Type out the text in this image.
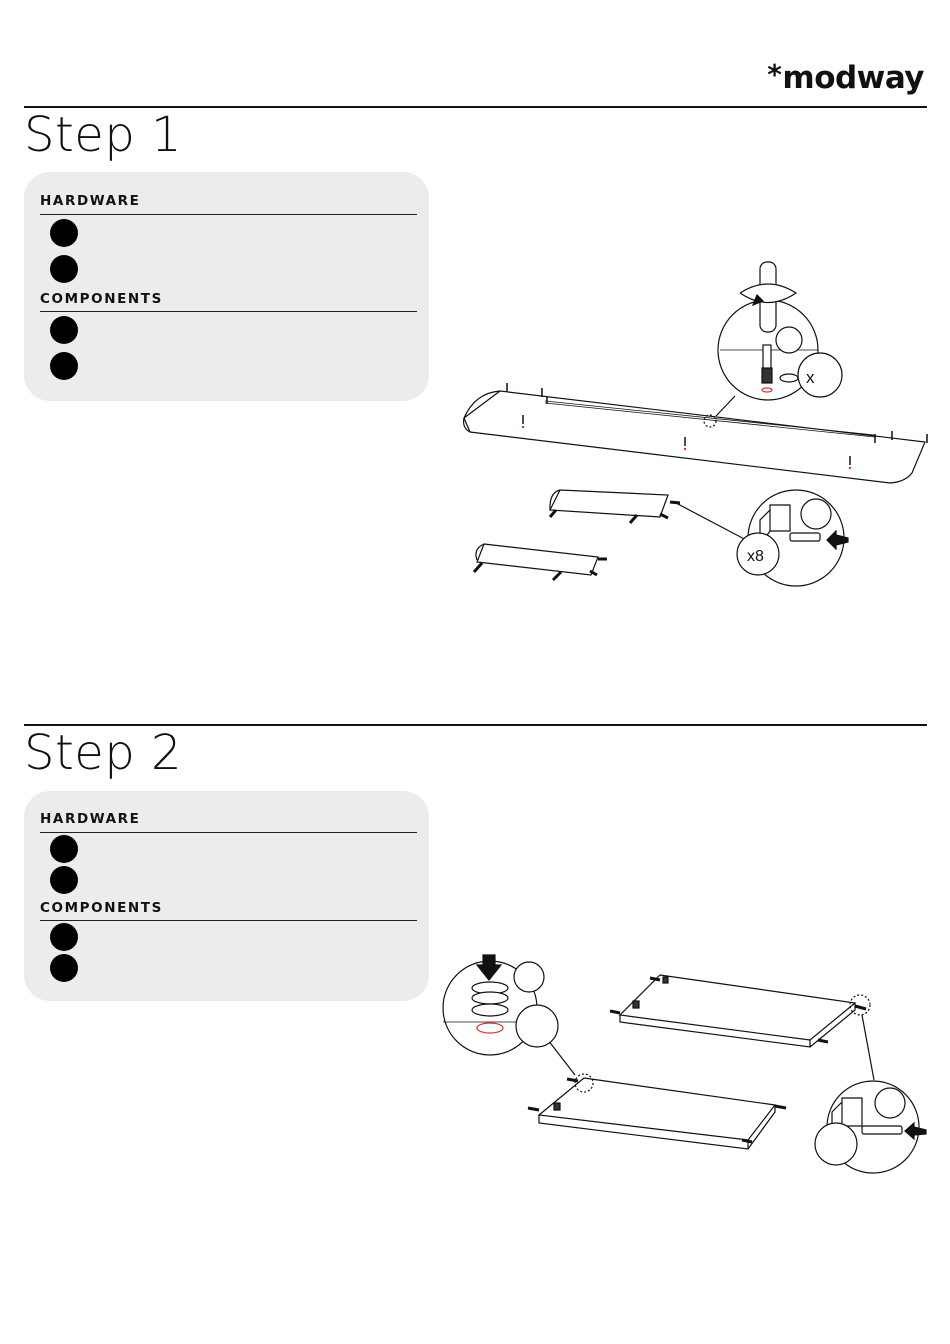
*modway
Step 1
HARDWARE
COMPONENTS
x
x8
Step 2
HARDWARE
COMPONENTS
